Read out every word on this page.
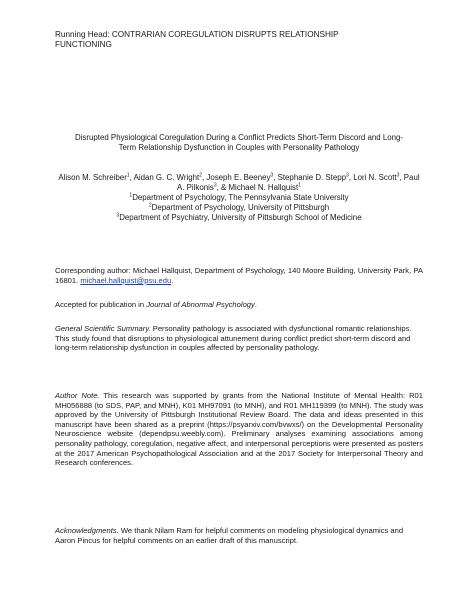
Running Head: CONTRARIAN COREGULATION DISRUPTS RELATIONSHIP FUNCTIONING
Disrupted Physiological Coregulation During a Conflict Predicts Short-Term Discord and Long-
Term Relationship Dysfunction in Couples with Personality Pathology
Alison M. Schreiber$^1$, Aidan G. C. Wright$^2$, Joseph E. Beeney$^3$, Stephanie D. Stepp$^3$, Lori N. Scott$^3$, Paul A. Pilkonis$^3$, & Michael N. Hallquist$^1$
$^1$Department of Psychology, The Pennsylvania State University
$^2$Department of Psychology, University of Pittsburgh
$^3$Department of Psychiatry, University of Pittsburgh School of Medicine
Corresponding author: Michael Hallquist, Department of Psychology, 140 Moore Building, University Park, PA 16801. michael.hallquist@psu.edu.
Accepted for publication in Journal of Abnormal Psychology.
General Scientific Summary. Personality pathology is associated with dysfunctional romantic relationships. This study found that disruptions to physiological attunement during conflict predict short-term discord and long-term relationship dysfunction in couples affected by personality pathology.
Author Note. This research was supported by grants from the National Institute of Mental Health: R01 MH056888 (to SDS, PAP, and MNH), K01 MH97091 (to MNH), and R01 MH119399 (to MNH). The study was approved by the University of Pittsburgh Institutional Review Board. The data and ideas presented in this manuscript have been shared as a preprint (https://psyarxiv.com/bvwxs/) on the Developmental Personality Neuroscience website (dependpsu.weebly.com). Preliminary analyses examining associations among personality pathology, coregulation, negative affect, and interpersonal perceptions were presented as posters at the 2017 American Psychopathological Association and at the 2017 Society for Interpersonal Theory and Research conferences.
Acknowledgments. We thank Nilam Ram for helpful comments on modeling physiological dynamics and Aaron Pincus for helpful comments on an earlier draft of this manuscript.
